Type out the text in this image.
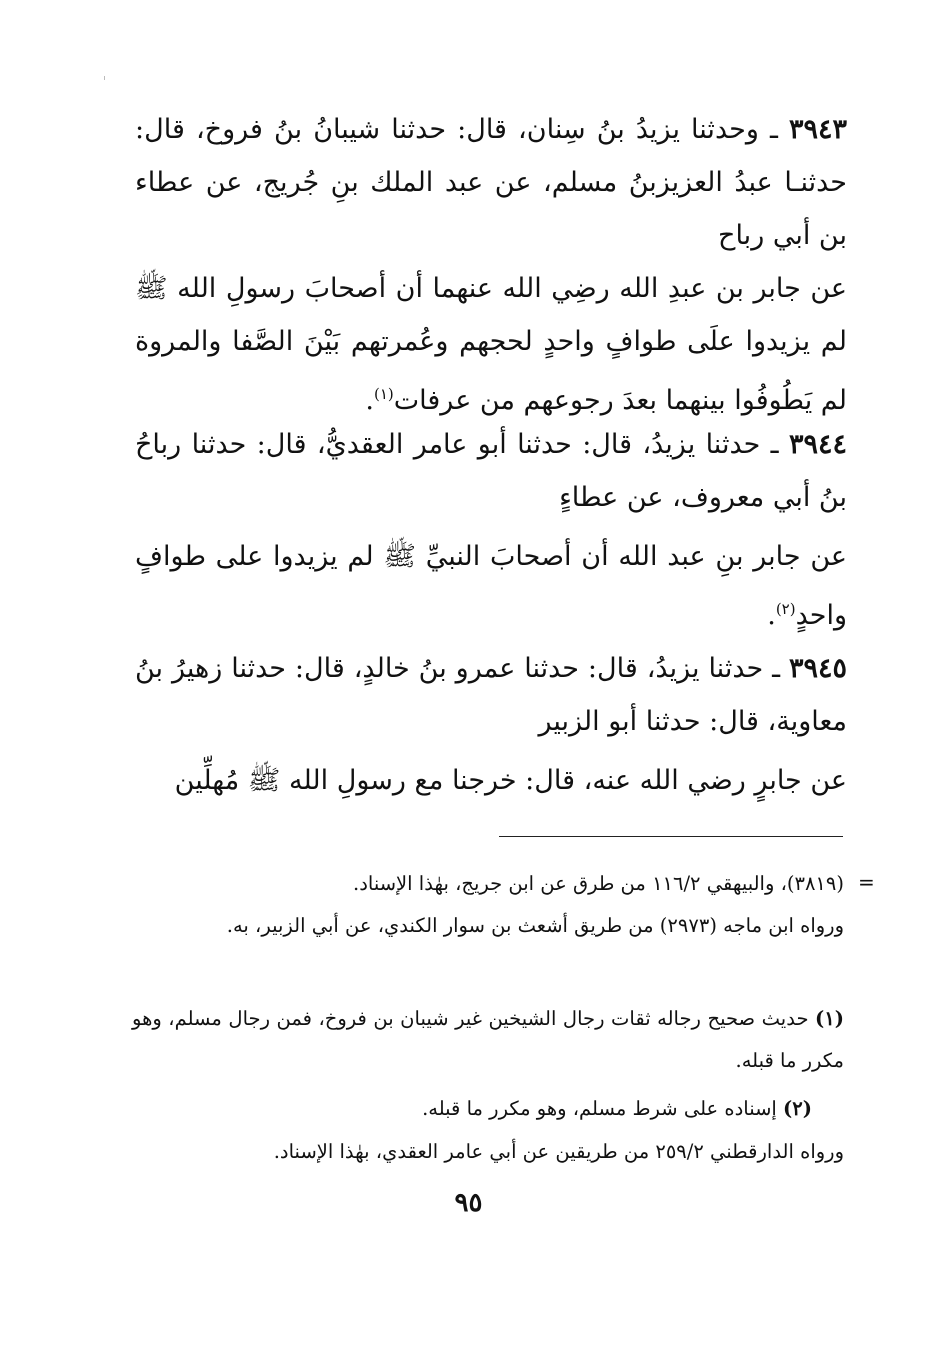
٣٩٤٣ ـ وحدثنا يزيدُ بنُ سِنان، قال: حدثنا شيبانُ بنُ فروخ، قال: حدثنـا عبدُ العزيزبنُ مسلم، عن عبد الملك بنِ جُريج، عن عطاء بن أبي رباح

عن جابر بن عبدِ الله رضِي الله عنهما أن أصحابَ رسولِ الله ﷺ لم يزيدوا علَى طوافٍ واحدٍ لحجهم وعُمرتهم بَيْنَ الصَّفا والمروة لم يَطُوفُوا بينهما بعدَ رجوعهم من عرفات$^{(١)}$.

٣٩٤٤ ـ حدثنا يزيدُ، قال: حدثنا أبو عامر العقديُّ، قال: حدثنا رباحُ بنُ أبي معروف، عن عطاءٍ

عن جابر بنِ عبد الله أن أصحابَ النبيِّ ﷺ لم يزيدوا على طوافٍ واحدٍ$^{(٢)}$.

٣٩٤٥ ـ حدثنا يزيدُ، قال: حدثنا عمرو بنُ خالدٍ، قال: حدثنا زهيرُ بنُ معاوية، قال: حدثنا أبو الزبير

عن جابرٍ رضي الله عنه، قال: خرجنا مع رسولِ الله ﷺ مُهلِّين

=

(٣٨١٩)، والبيهقي ١١٦/٢ من طرق عن ابن جريج، بهٰذا الإسناد.

ورواه ابن ماجه (٢٩٧٣) من طريق أشعث بن سوار الكندي، عن أبي الزبير، به.

(١) حديث صحيح رجاله ثقات رجال الشيخين غير شيبان بن فروخ، فمن رجال مسلم، وهو مكرر ما قبله.

(٢) إسناده على شرط مسلم، وهو مكرر ما قبله.

ورواه الدارقطني ٢٥٩/٢ من طريقين عن أبي عامر العقدي، بهٰذا الإسناد.

٩٥
